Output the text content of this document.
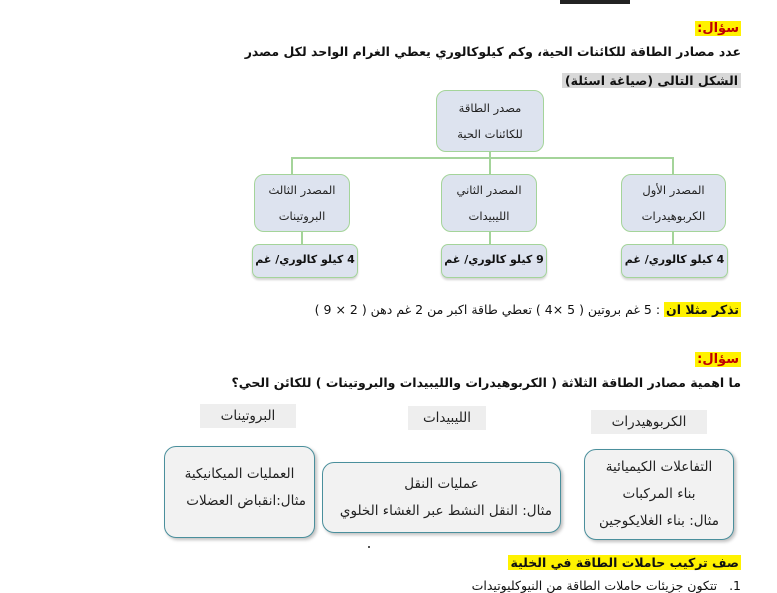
سؤال:
عدد مصادر الطاقة للكائنات الحية، وكم كيلوكالوري يعطي الغرام الواحد لكل مصدر
الشكل التالى (صياغة اسئلة)
مصدر الطاقة
للكائنات الحية
المصدر الأول
الكربوهيدرات
المصدر الثاني
الليبيدات
المصدر الثالث
البروتينات
4 كيلو كالوري/ غم
9 كيلو كالوري/ غم
4 كيلو كالوري/ غم
تذكر مثلا ان : 5 غم بروتين ( 5 ×4 ) تعطي طاقة اكبر من 2 غم دهن ( 2 × 9 )
سؤال:
ما اهمية مصادر الطاقة الثلاثة ( الكربوهيدرات والليبيدات والبروتينات ) للكائن الحي؟
الكربوهيدرات
الليبيدات
البروتينات
التفاعلات الكيميائية
بناء المركبات
مثال: بناء الغلايكوجين
عمليات النقل
مثال: النقل النشط عبر الغشاء الخلوي
العمليات الميكانيكية
مثال:انقباض العضلات
صف تركيب حاملات الطاقة في الخلية
1. تتكون جزيئات حاملات الطاقة من النيوكليوتيدات
